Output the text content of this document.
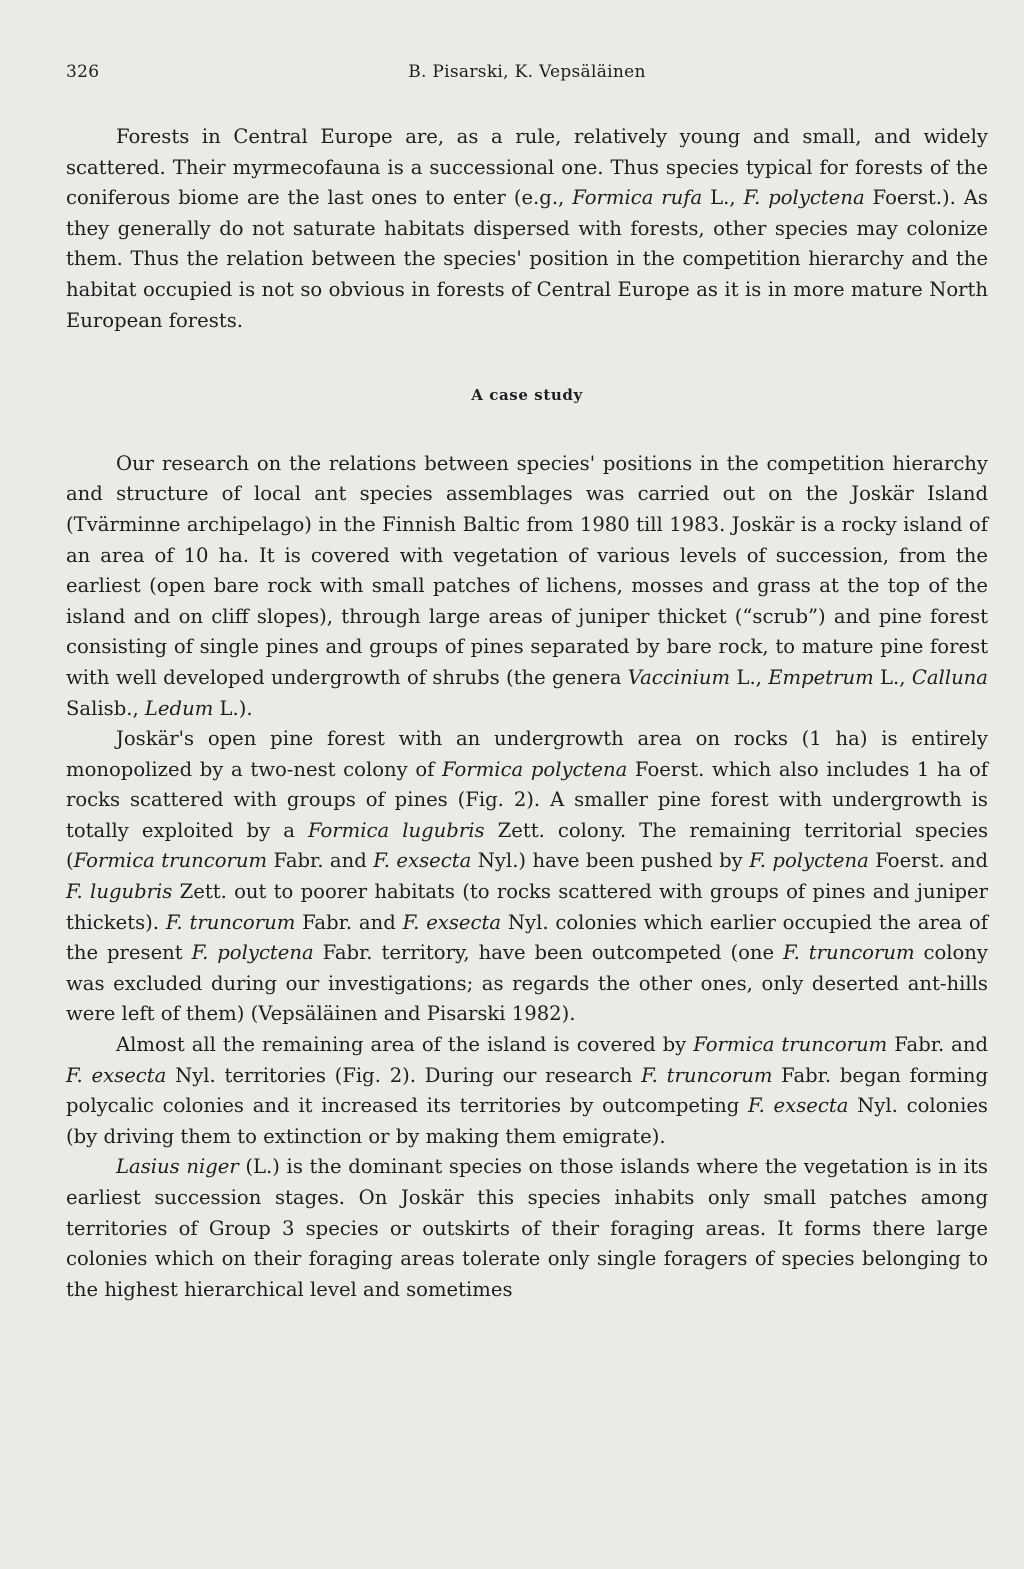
326	B. Pisarski, K. Vepsäläinen

Forests in Central Europe are, as a rule, relatively young and small, and widely scattered. Their myrmecofauna is a successional one. Thus species typical for forests of the coniferous biome are the last ones to enter (e.g., Formica rufa L., F. polyctena Foerst.). As they generally do not saturate habitats dispersed with forests, other species may colonize them. Thus the relation between the species' position in the competition hierarchy and the habitat occupied is not so obvious in forests of Central Europe as it is in more mature North European forests.

A case study

Our research on the relations between species' positions in the competition hierarchy and structure of local ant species assemblages was carried out on the Joskär Island (Tvärminne archipelago) in the Finnish Baltic from 1980 till 1983. Joskär is a rocky island of an area of 10 ha. It is covered with vegetation of various levels of succession, from the earliest (open bare rock with small patches of lichens, mosses and grass at the top of the island and on cliff slopes), through large areas of juniper thicket (“scrub”) and pine forest consisting of single pines and groups of pines separated by bare rock, to mature pine forest with well developed undergrowth of shrubs (the genera Vaccinium L., Empetrum L., Calluna Salisb., Ledum L.).

Joskär's open pine forest with an undergrowth area on rocks (1 ha) is entirely monopolized by a two-nest colony of Formica polyctena Foerst. which also includes 1 ha of rocks scattered with groups of pines (Fig. 2). A smaller pine forest with undergrowth is totally exploited by a Formica lugubris Zett. colony. The remaining territorial species (Formica truncorum Fabr. and F. exsecta Nyl.) have been pushed by F. polyctena Foerst. and F. lugubris Zett. out to poorer habitats (to rocks scattered with groups of pines and juniper thickets). F. truncorum Fabr. and F. exsecta Nyl. colonies which earlier occupied the area of the present F. polyctena Fabr. territory, have been outcompeted (one F. truncorum colony was excluded during our investigations; as regards the other ones, only deserted ant-hills were left of them) (Vepsäläinen and Pisarski 1982).

Almost all the remaining area of the island is covered by Formica truncorum Fabr. and F. exsecta Nyl. territories (Fig. 2). During our research F. truncorum Fabr. began forming polycalic colonies and it increased its territories by outcompeting F. exsecta Nyl. colonies (by driving them to extinction or by making them emigrate).

Lasius niger (L.) is the dominant species on those islands where the vegetation is in its earliest succession stages. On Joskär this species inhabits only small patches among territories of Group 3 species or outskirts of their foraging areas. It forms there large colonies which on their foraging areas tolerate only single foragers of species belonging to the highest hierarchical level and sometimes
